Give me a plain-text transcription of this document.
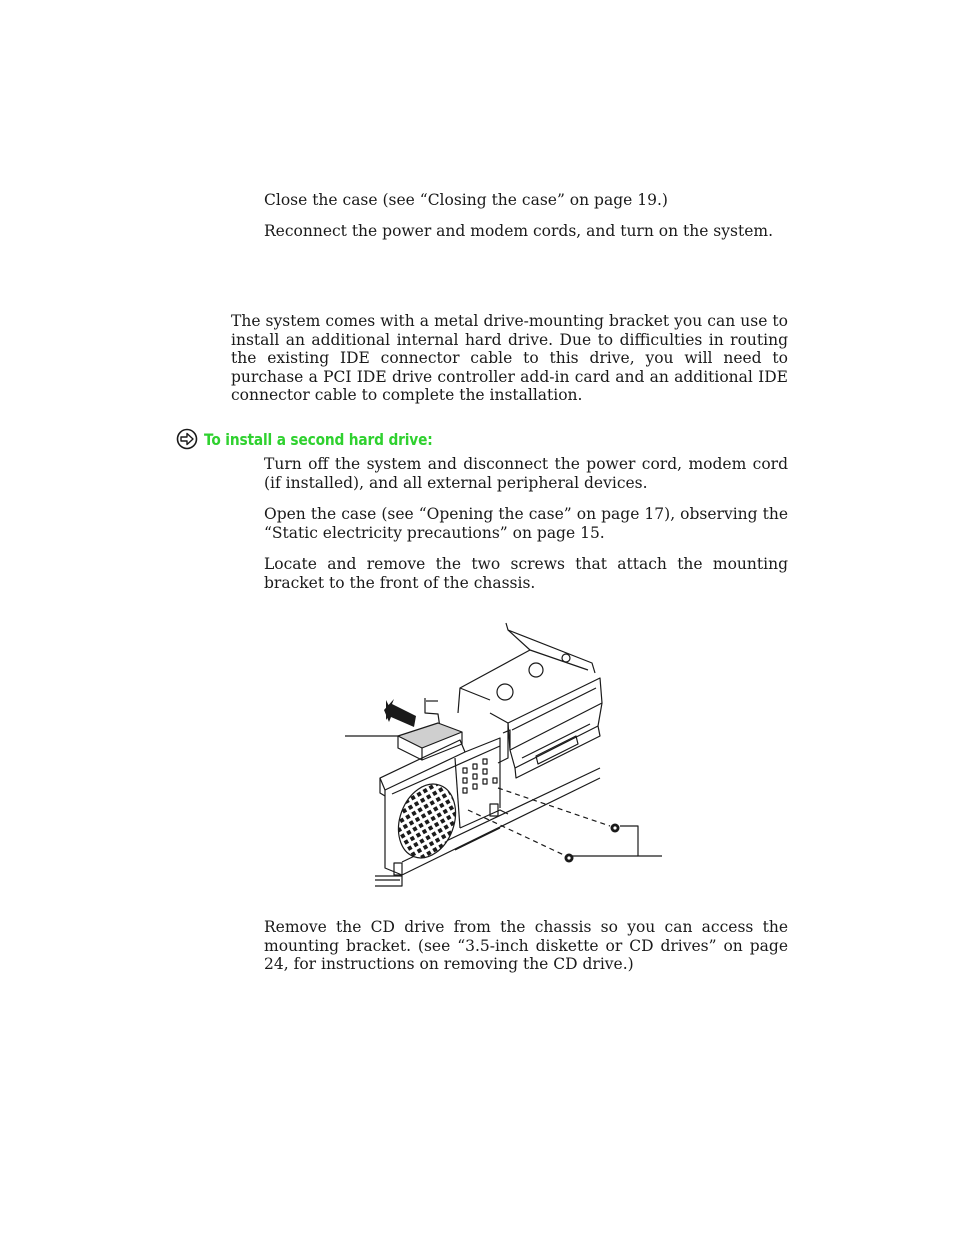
Close the case (see “Closing the case” on page 19.)

Reconnect the power and modem cords, and turn on the system.

The system comes with a metal drive-mounting bracket you can use to install an additional internal hard drive. Due to difficulties in routing the existing IDE connector cable to this drive, you will need to purchase a PCI IDE drive controller add-in card and an additional IDE connector cable to complete the installation.

To install a second hard drive:

Turn off the system and disconnect the power cord, modem cord (if installed), and all external peripheral devices.

Open the case (see “Opening the case” on page 17), observing the “Static electricity precautions” on page 15.

Locate and remove the two screws that attach the mounting bracket to the front of the chassis.

Remove the CD drive from the chassis so you can access the mounting bracket. (see “3.5-inch diskette or CD drives” on page 24, for instructions on removing the CD drive.)
